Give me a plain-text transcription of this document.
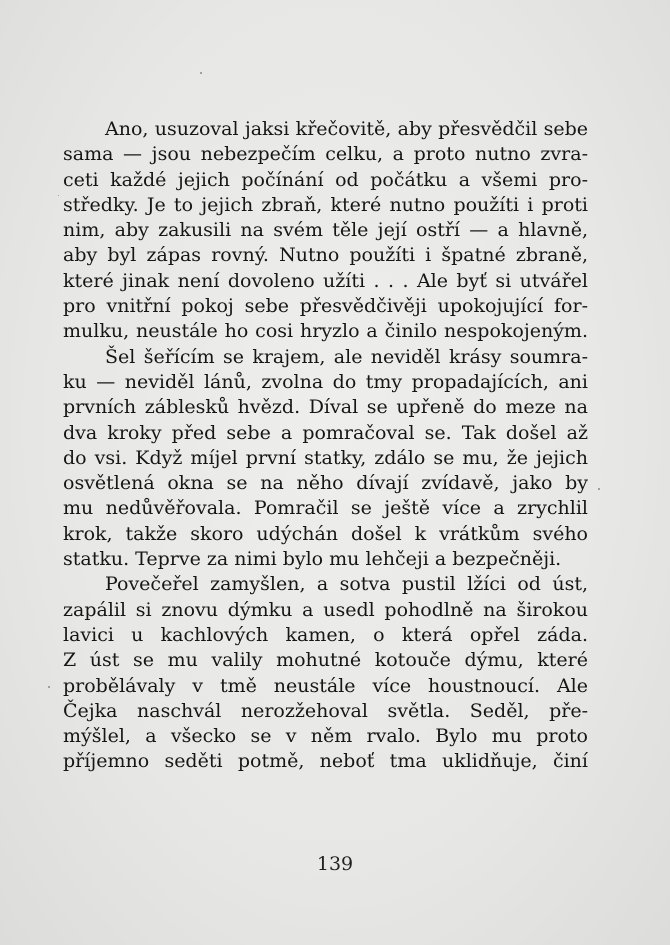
Ano, usuzoval jaksi křečovitě, aby přesvědčil sebe
sama — jsou nebezpečím celku, a proto nutno zvra-
ceti každé jejich počínání od počátku a všemi pro-
středky. Je to jejich zbraň, které nutno použíti i proti
nim, aby zakusili na svém těle její ostří — a hlavně,
aby byl zápas rovný. Nutno použíti i špatné zbraně,
které jinak není dovoleno užíti . . . Ale byť si utvářel
pro vnitřní pokoj sebe přesvědčivěji upokojující for-
mulku, neustále ho cosi hryzlo a činilo nespokojeným.
Šel šeřícím se krajem, ale neviděl krásy soumra-
ku — neviděl lánů, zvolna do tmy propadajících, ani
prvních záblesků hvězd. Díval se upřeně do meze na
dva kroky před sebe a pomračoval se. Tak došel až
do vsi. Když míjel první statky, zdálo se mu, že jejich
osvětlená okna se na něho dívají zvídavě, jako by
mu nedůvěřovala. Pomračil se ještě více a zrychlil
krok, takže skoro udýchán došel k vrátkům svého
statku. Teprve za nimi bylo mu lehčeji a bezpečněji.
Povečeřel zamyšlen, a sotva pustil lžíci od úst,
zapálil si znovu dýmku a usedl pohodlně na širokou
lavici u kachlových kamen, o která opřel záda.
Z úst se mu valily mohutné kotouče dýmu, které
probělávaly v tmě neustále více houstnoucí. Ale
Čejka naschvál nerozžehoval světla. Seděl, pře-
mýšlel, a všecko se v něm rvalo. Bylo mu proto
příjemno seděti potmě, neboť tma uklidňuje, činí
139
